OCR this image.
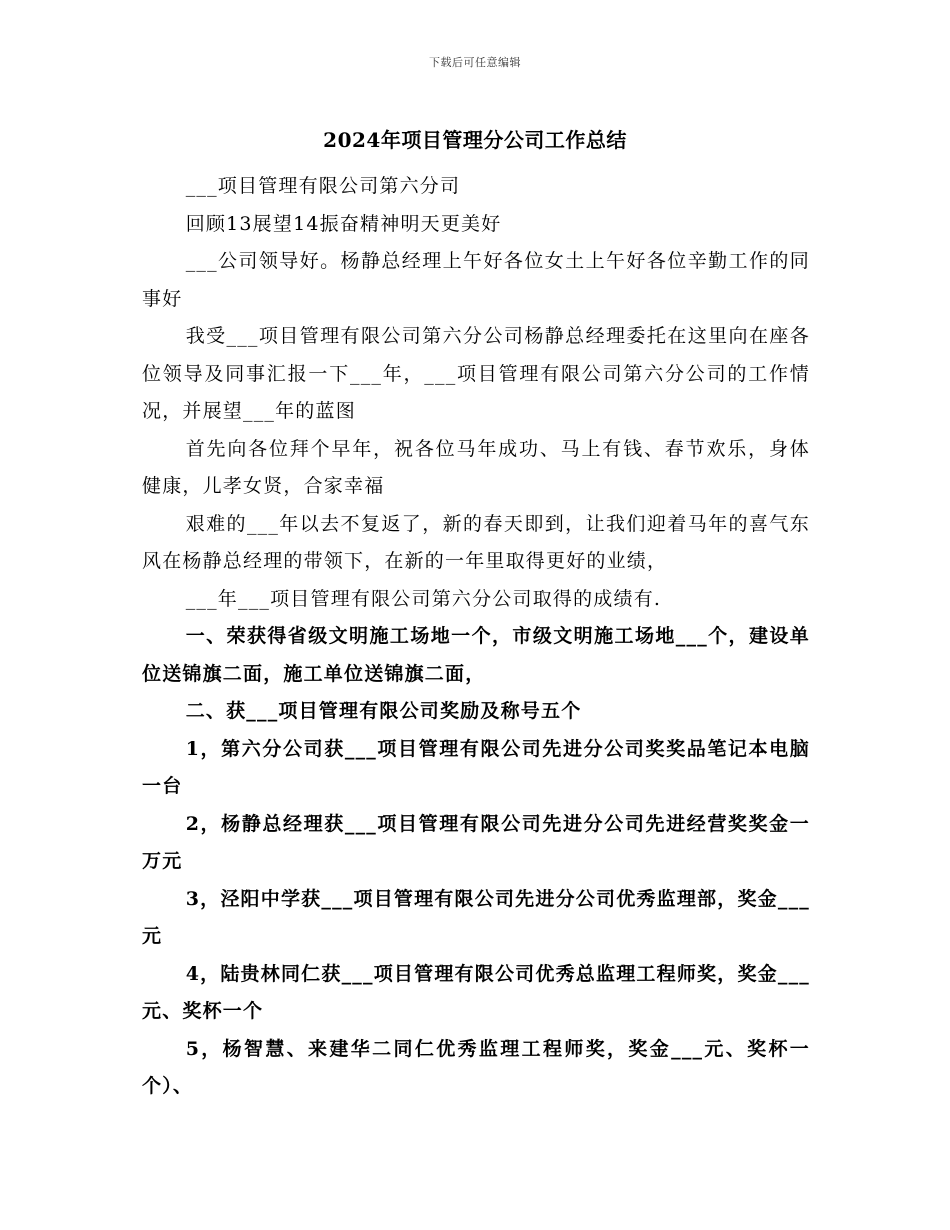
下载后可任意编辑
2024年项目管理分公司工作总结

___项目管理有限公司第六分司

回顾13展望14振奋精神明天更美好

___公司领导好。杨静总经理上午好各位女土上午好各位辛勤工作的同事好

我受___项目管理有限公司第六分公司杨静总经理委托在这里向在座各位领导及同事汇报一下___年，___项目管理有限公司第六分公司的工作情况，并展望___年的蓝图

首先向各位拜个早年，祝各位马年成功、马上有钱、春节欢乐，身体健康，儿孝女贤，合家幸福

艰难的___年以去不复返了，新的春天即到，让我们迎着马年的喜气东风在杨静总经理的带领下，在新的一年里取得更好的业绩，

___年___项目管理有限公司第六分公司取得的成绩有.

一、荣获得省级文明施工场地一个，市级文明施工场地___个，建设单位送锦旗二面，施工单位送锦旗二面，

二、获___项目管理有限公司奖励及称号五个

1，第六分公司获___项目管理有限公司先进分公司奖奖品笔记本电脑一台

2，杨静总经理获___项目管理有限公司先进分公司先进经营奖奖金一万元

3，泾阳中学获___项目管理有限公司先进分公司优秀监理部，奖金___元

4，陆贵林同仁获___项目管理有限公司优秀总监理工程师奖，奖金___元、奖杯一个

5，杨智慧、来建华二同仁优秀监理工程师奖，奖金___元、奖杯一个）、
